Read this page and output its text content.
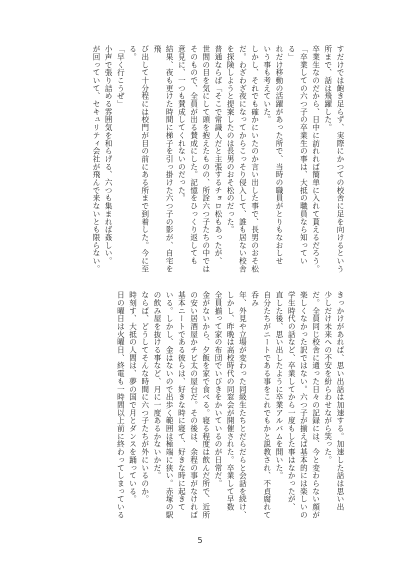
すだけでは飽き足らず、実際にかつての校舎に足を向けるという
所まで、話は飛躍した。
卒業生なのだから、日中に訪れれば簡単に入れて貰えるだろう。
「卒業しての六つ子の卒業生の事は、大抵の職員なら知っている」
れだけ移動の活躍があった所で、当時の職員がとりもなおしせ
いう事も考えていた。
しかし、それでも確かにいたのか言い出した事で、長男のおそ松
だ。わざわざ夜になってからこっそり侵入して、誰も居ない校舎
を探険しようと提案したのは長男のおそ松のだった。
普通ならば「そこで常識人だと主張するチョロ松もあったが、
世間の目を気にして頭を抱えたものの、所詮六つ子たちの中では
そのもので、全員が出る賛成にした。記憶をひっくり返しても
意見に、一つも賛成してくれないのだった。
結果、夜も更けた時間に梯子を引っ掛けた六つ子の影が、自宅を飛
び出して十分程には校門が目の前にある所まで到着した。今に至る。
「早く行こうぜ」
小声で張り詰める雰囲気を和らげる、六つも集まれば姦しい。
が回っていて、セキュリティ会社が飛んで来ないとも限らない。
きっかけがあれば、思い出話は加速する。加速した話は思い出
少しだけ未来への不安を紛らわせながら笑った。
だ。全員同じ校舎に通った日々の記録には、今と変わらない顔が
楽しくなかった訳ではない。六つ子が揃えば基本的には楽しいの
学生時代の話など、卒業してから一度もした事はなかったが、
直した後、思い出したように卒業アルバムを開いた。
自分たちがニートである事をこれでもかと説教され、不貞腐れて呑み
年、外見や立場が変わった同級生たちとだらだらと会話を続け、
しかし、昨晩は高校時代の同窓会が開催された。卒業して早数
全員揃って家の布団でいびきをかいているのが日常だ。
金がないから、夕飯を家で食べる。寝る程度は飲んだ所で、近所
の安い居酒屋かチビ太の屋台だ。その後は、余程の事がなければ
基本ニートである彼らは、好きな時に寝て、好きな時に起きて
いる。しかし、金はないので出歩く範囲は極端に狭い。赤塚の駅
の飲み屋を抜ける事など、月に一度あるかないかだ。
ならば、どうしてそんな時間に六つ子たちが外にいるのか。
時刻す、大抵の人間は、夢の国で月とダンスを踊っている。
日の曜日は火曜日、終電も一時間以上前に終わってしまっている
5
